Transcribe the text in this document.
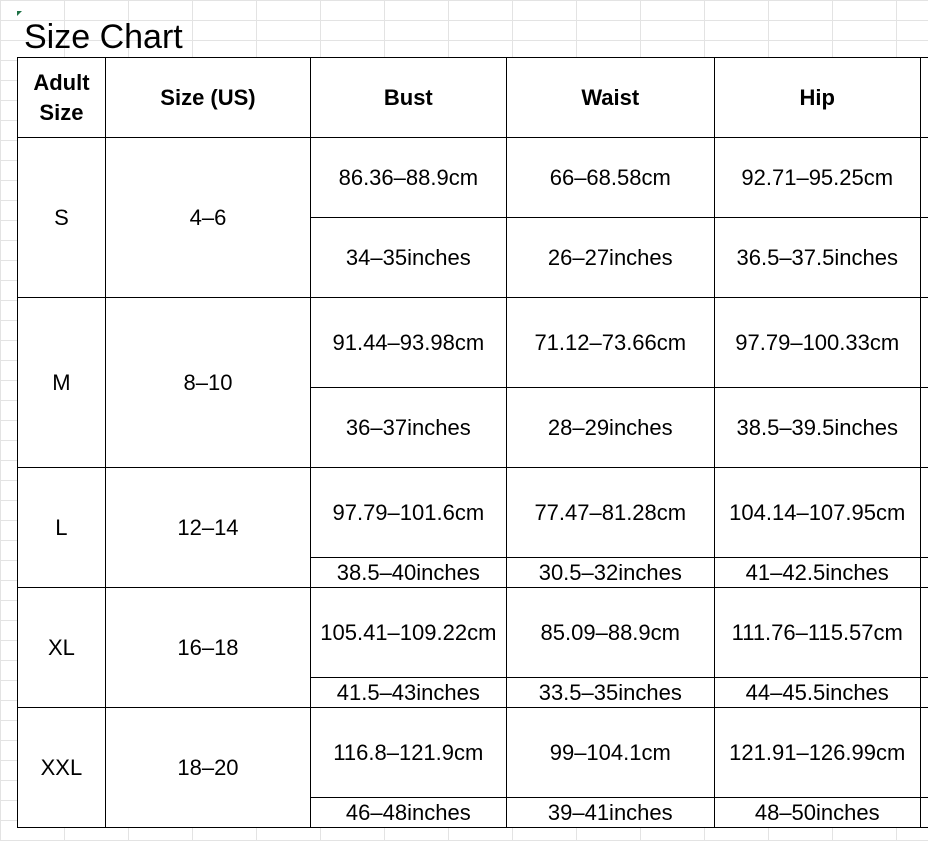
Size Chart
Adult Size	Size (US)	Bust	Waist	Hip	
S	4–6	86.36–88.9cm	66–68.58cm	92.71–95.25cm	
		34–35inches	26–27inches	36.5–37.5inches	
M	8–10	91.44–93.98cm	71.12–73.66cm	97.79–100.33cm	
		36–37inches	28–29inches	38.5–39.5inches	
L	12–14	97.79–101.6cm	77.47–81.28cm	104.14–107.95cm	
		38.5–40inches	30.5–32inches	41–42.5inches	
XL	16–18	105.41–109.22cm	85.09–88.9cm	111.76–115.57cm	
		41.5–43inches	33.5–35inches	44–45.5inches	
XXL	18–20	116.8–121.9cm	99–104.1cm	121.91–126.99cm	
		46–48inches	39–41inches	48–50inches	
